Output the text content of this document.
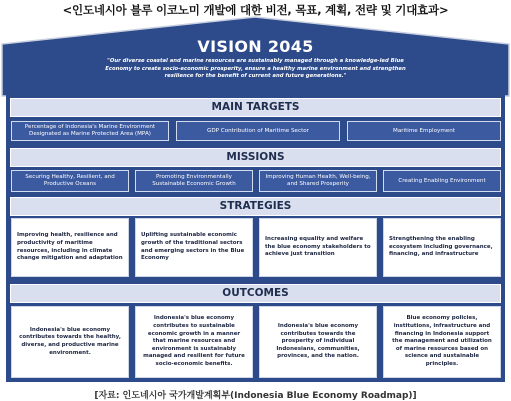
<인도네시아 블루 이코노미 개발에 대한 비전, 목표, 계획, 전략 및 기대효과>
VISION 2045
"Our diverse coastal and marine resources are sustainably managed through a knowledge-led Blue Economy to create socio-economic prosperity, ensure a healthy marine environment and strengthen resilience for the benefit of current and future generations."
MAIN TARGETS
Percentage of Indonesia's Marine Environment Designated as Marine Protected Area (MPA)
GDP Contribution of Maritime Sector	Maritime Employment
MISSIONS
Securing Healthy, Resilient, and Productive Oceans
Promoting Environmentally Sustainable Economic Growth
Improving Human Health, Well-being, and Shared Prosperity
Creating Enabling Environment
STRATEGIES
Improving health, resilience and productivity of maritime resources, including in climate change mitigation and adaptation
Uplifting sustainable economic growth of the traditional sectors and emerging sectors in the Blue Economy
Increasing equality and welfare the blue economy stakeholders to achieve just transition
Strengthening the enabling ecosystem including governance, financing, and infrastructure
OUTCOMES
Indonesia's blue economy contributes towards the healthy, diverse, and productive marine environment.
Indonesia's blue economy contributes to sustainable economic growth in a manner that marine resources and environment is sustainably managed and resilient for future socio-economic benefits.
Indonesia's blue economy contributes towards the prosperity of individual Indonesians, communities, provinces, and the nation.
Blue economy policies, institutions, infrastructure and financing in Indonesia support the management and utilization of marine resources based on science and sustainable principles.
[자료: 인도네시아 국가개발계획부(Indonesia Blue Economy Roadmap)]
